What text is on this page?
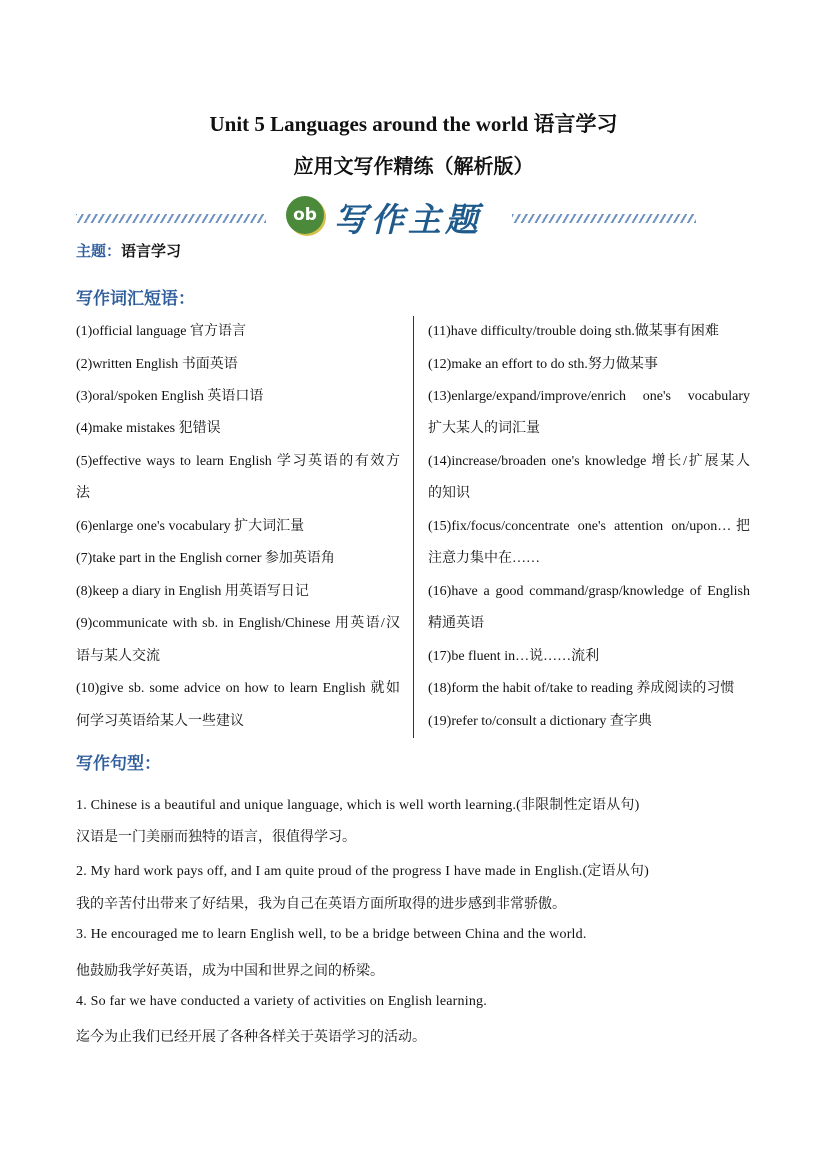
Unit 5 Languages around the world 语言学习
应用文写作精练（解析版）
ob 写作主题
主题：语言学习
写作词汇短语：
(1)official language 官方语言
(2)written English 书面英语
(3)oral/spoken English 英语口语
(4)make mistakes 犯错误
(5)effective ways to learn English 学习英语的有效方
法
(6)enlarge one's vocabulary 扩大词汇量
(7)take part in the English corner 参加英语角
(8)keep a diary in English 用英语写日记
(9)communicate with sb. in English/Chinese 用英语/汉
语与某人交流
(10)give sb. some advice on how to learn English 就如
何学习英语给某人一些建议
(11)have difficulty/trouble doing sth.做某事有困难
(12)make an effort to do sth.努力做某事
(13)enlarge/expand/improve/enrich one's vocabulary
扩大某人的词汇量
(14)increase/broaden one's knowledge 增长/扩展某人
的知识
(15)fix/focus/concentrate one's attention on/upon…把
注意力集中在……
(16)have a good command/grasp/knowledge of English
精通英语
(17)be fluent in…说……流利
(18)form the habit of/take to reading 养成阅读的习惯
(19)refer to/consult a dictionary 查字典
写作句型：
1. Chinese is a beautiful and unique language, which is well worth learning.(非限制性定语从句)
汉语是一门美丽而独特的语言，很值得学习。
2. My hard work pays off, and I am quite proud of the progress I have made in English.(定语从句)
我的辛苦付出带来了好结果，我为自己在英语方面所取得的进步感到非常骄傲。
3. He encouraged me to learn English well, to be a bridge between China and the world.
他鼓励我学好英语，成为中国和世界之间的桥梁。
4. So far we have conducted a variety of activities on English learning.
迄今为止我们已经开展了各种各样关于英语学习的活动。
